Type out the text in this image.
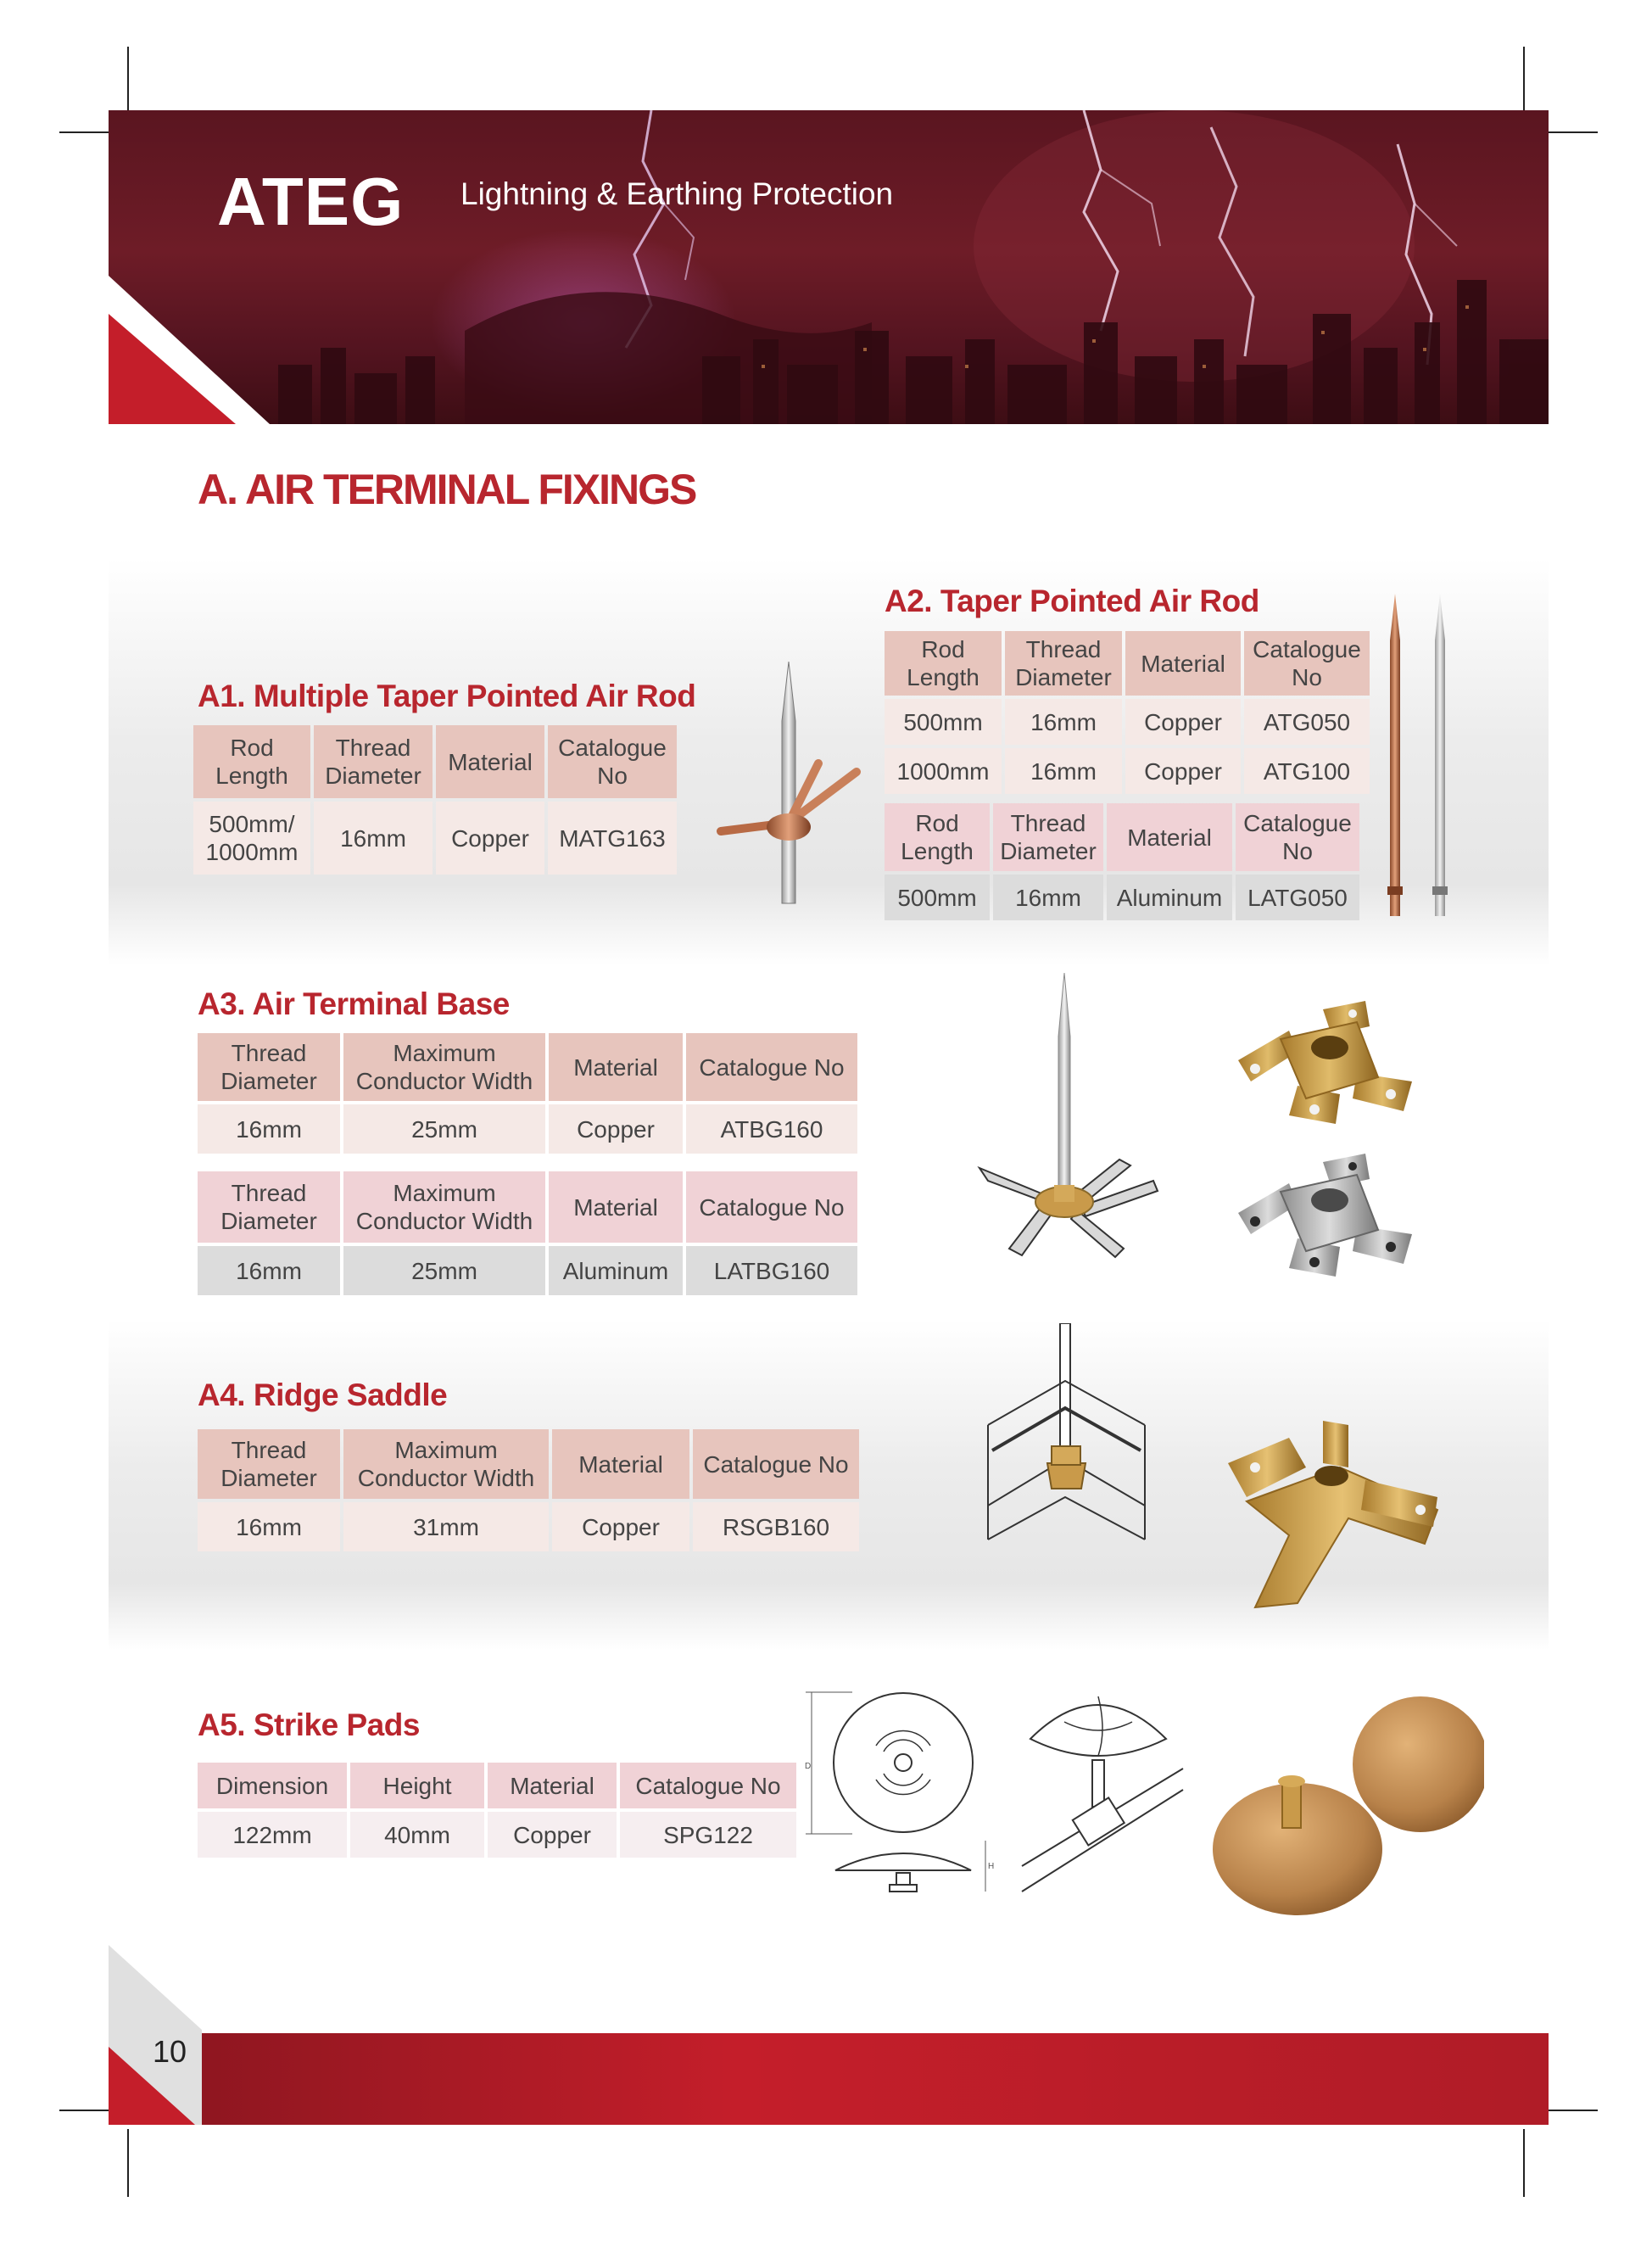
ATEG Lightning & Earthing Protection
A. AIR TERMINAL FIXINGS
A1. Multiple Taper Pointed Air Rod
Rod Length	Thread Diameter	Material	Catalogue No
500mm/ 1000mm	16mm	Copper	MATG163
A2. Taper Pointed Air Rod
Rod Length	Thread Diameter	Material	Catalogue No
500mm	16mm	Copper	ATG050
1000mm	16mm	Copper	ATG100
Rod Length	Thread Diameter	Material	Catalogue No
500mm	16mm	Aluminum	LATG050
A3. Air Terminal Base
Thread Diameter	Maximum Conductor Width	Material	Catalogue No
16mm	25mm	Copper	ATBG160
Thread Diameter	Maximum Conductor Width	Material	Catalogue No
16mm	25mm	Aluminum	LATBG160
A4. Ridge Saddle
Thread Diameter	Maximum Conductor Width	Material	Catalogue No
16mm	31mm	Copper	RSGB160
A5. Strike Pads
Dimension	Height	Material	Catalogue No
122mm	40mm	Copper	SPG122
D
H
10
